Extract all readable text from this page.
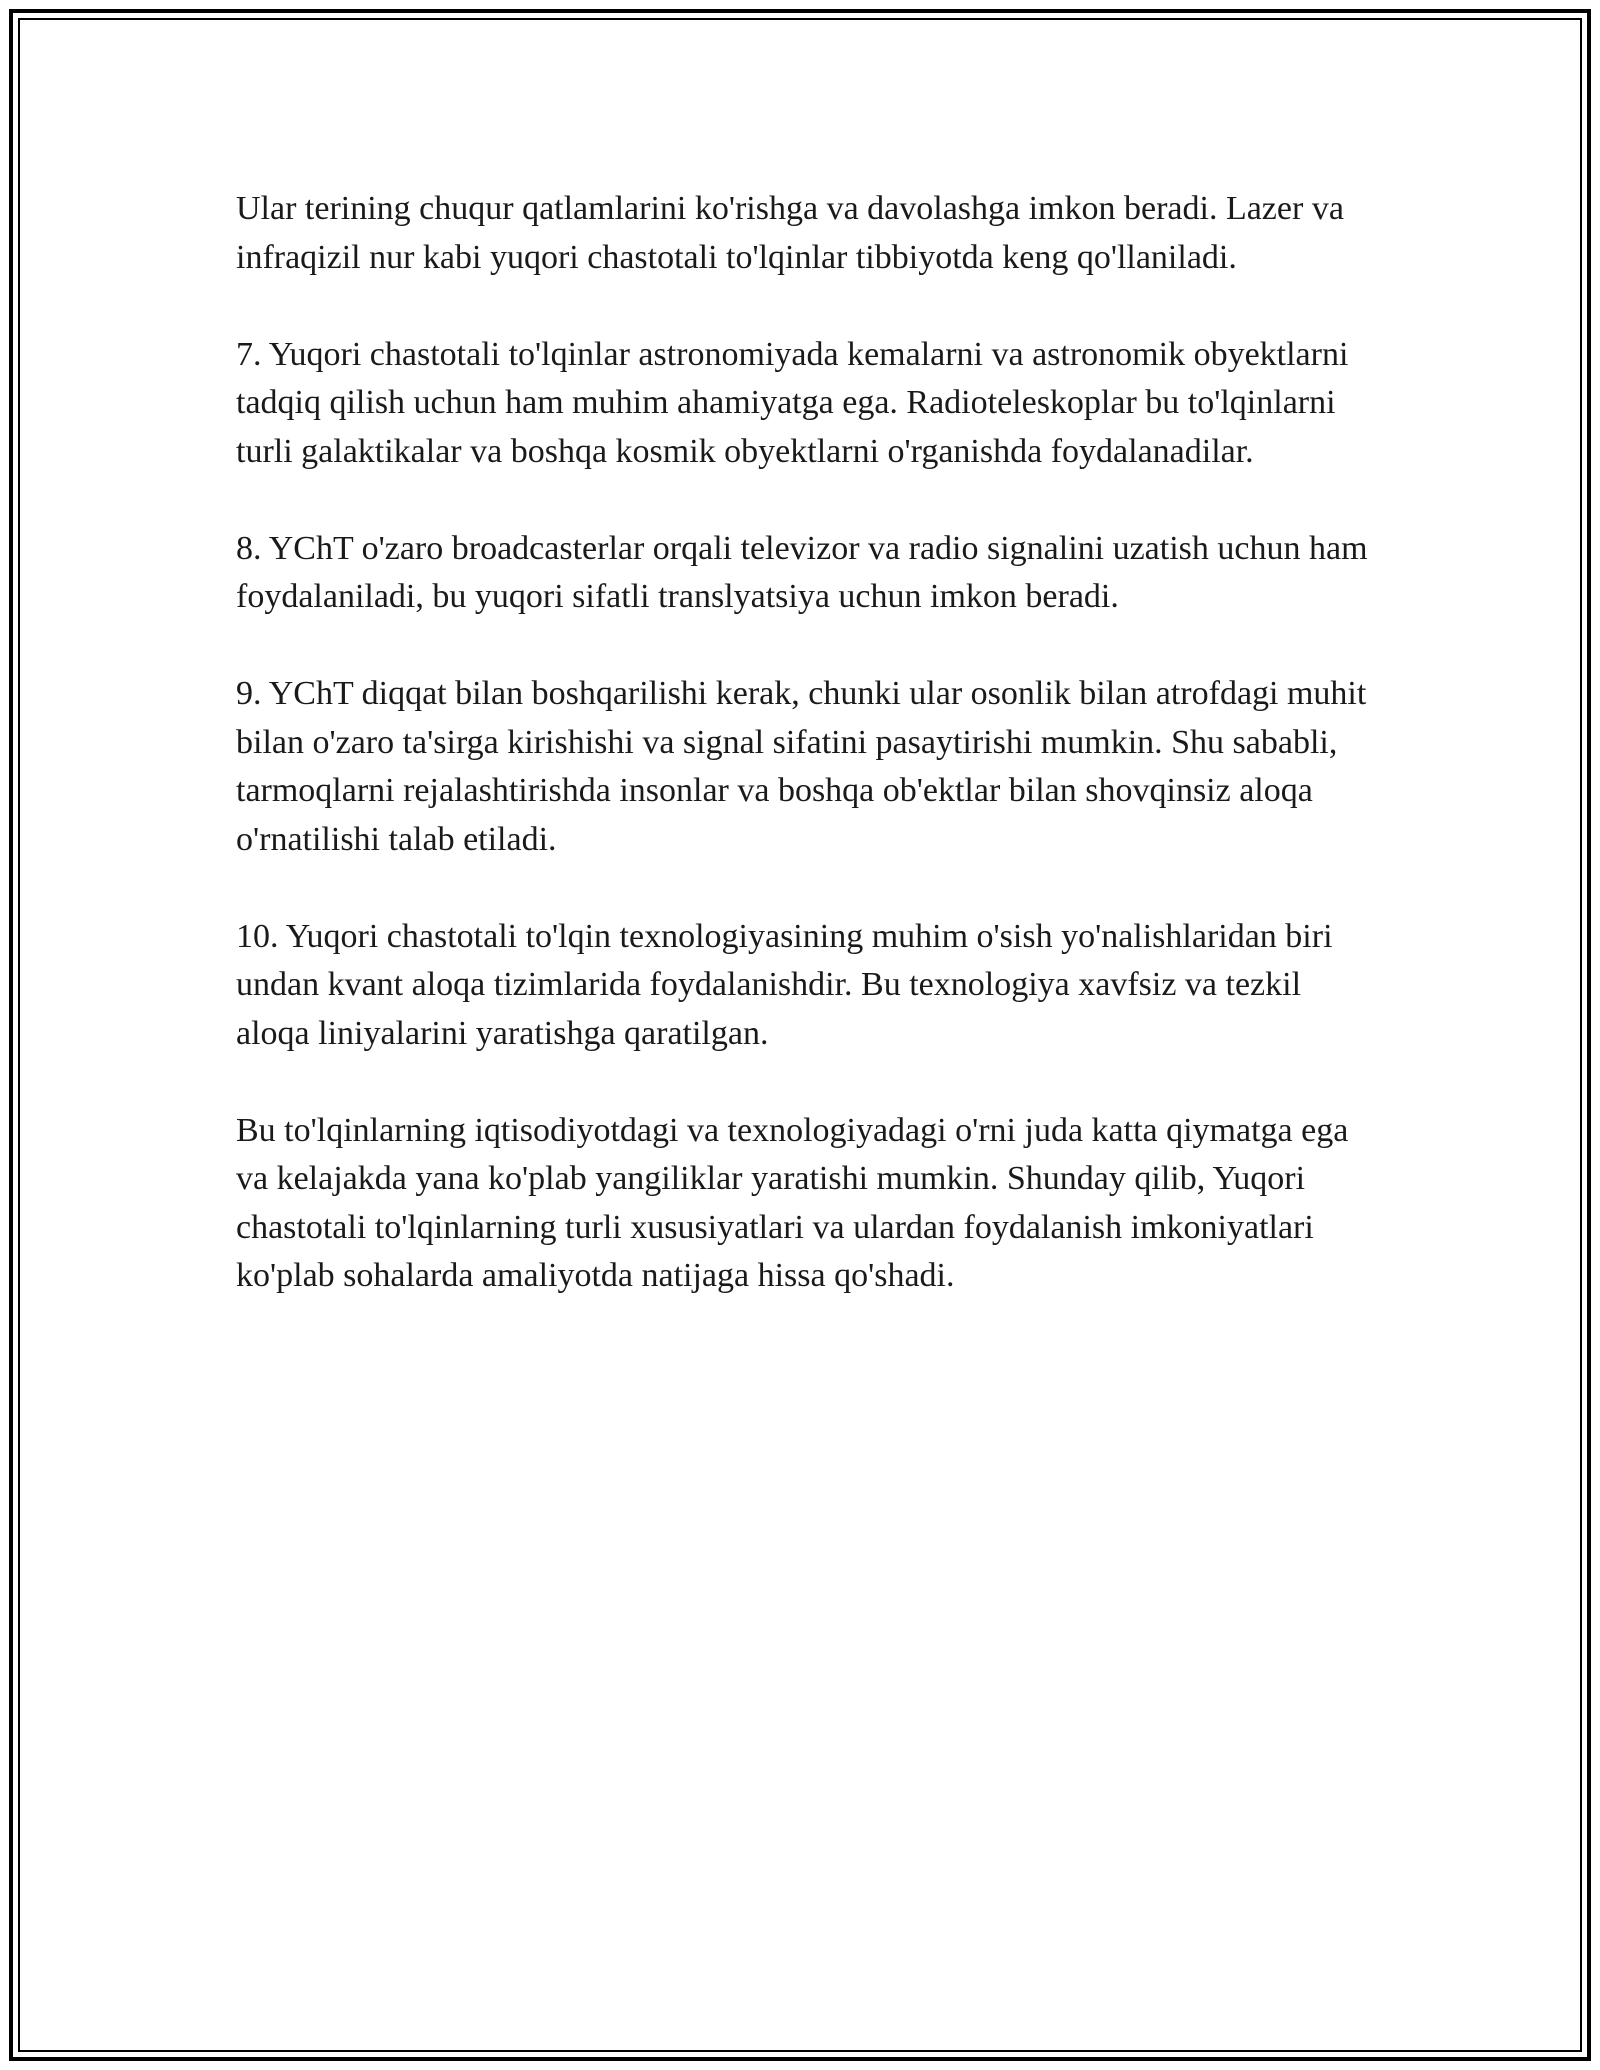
Ular terining chuqur qatlamlarini ko'rishga va davolashga imkon beradi. Lazer va infraqizil nur kabi yuqori chastotali to'lqinlar tibbiyotda keng qo'llaniladi.

7. Yuqori chastotali to'lqinlar astronomiyada kemalarni va astronomik obyektlarni tadqiq qilish uchun ham muhim ahamiyatga ega. Radioteleskoplar bu to'lqinlarni turli galaktikalar va boshqa kosmik obyektlarni o'rganishda foydalanadilar.

8. YChT o'zaro broadcasterlar orqali televizor va radio signalini uzatish uchun ham foydalaniladi, bu yuqori sifatli translyatsiya uchun imkon beradi.

9. YChT diqqat bilan boshqarilishi kerak, chunki ular osonlik bilan atrofdagi muhit bilan o'zaro ta'sirga kirishishi va signal sifatini pasaytirishi mumkin. Shu sababli, tarmoqlarni rejalashtirishda insonlar va boshqa ob'ektlar bilan shovqinsiz aloqa o'rnatilishi talab etiladi.

10. Yuqori chastotali to'lqin texnologiyasining muhim o'sish yo'nalishlaridan biri undan kvant aloqa tizimlarida foydalanishdir. Bu texnologiya xavfsiz va tezkil aloqa liniyalarini yaratishga qaratilgan.

Bu to'lqinlarning iqtisodiyotdagi va texnologiyadagi o'rni juda katta qiymatga ega va kelajakda yana ko'plab yangiliklar yaratishi mumkin. Shunday qilib, Yuqori chastotali to'lqinlarning turli xususiyatlari va ulardan foydalanish imkoniyatlari ko'plab sohalarda amaliyotda natijaga hissa qo'shadi.
